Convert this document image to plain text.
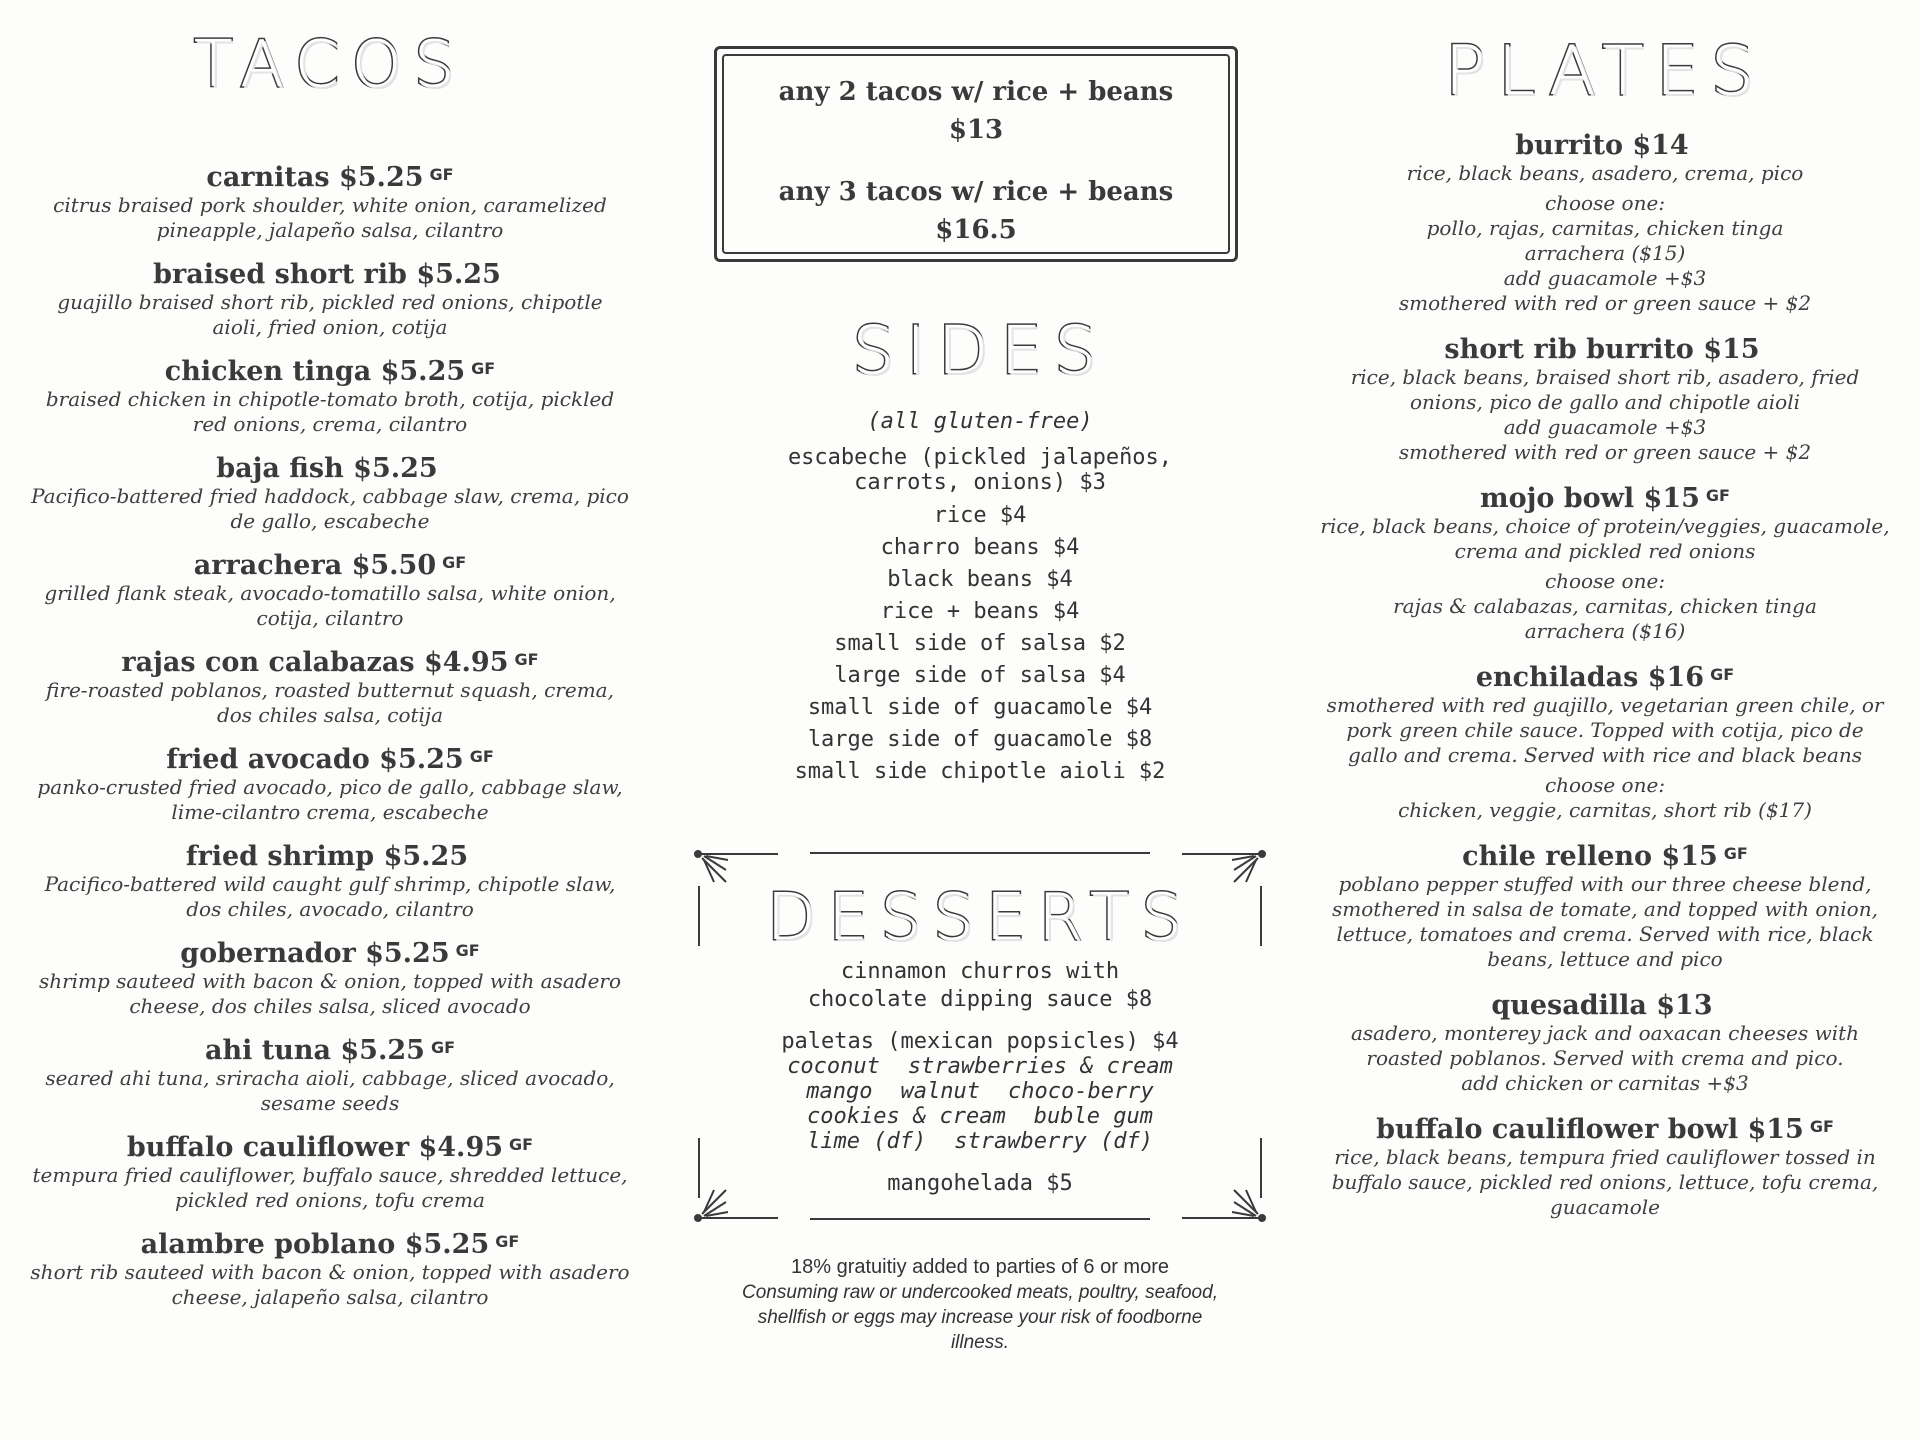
TACOS
carnitas $5.25 $^{GF}$
citrus braised pork shoulder, white onion, caramelized pineapple, jalapeño salsa, cilantro
braised short rib $5.25
guajillo braised short rib, pickled red onions, chipotle aioli, fried onion, cotija
chicken tinga $5.25 $^{GF}$
braised chicken in chipotle-tomato broth, cotija, pickled red onions, crema, cilantro
baja fish $5.25
Pacifico-battered fried haddock, cabbage slaw, crema, pico de gallo, escabeche
arrachera $5.50 $^{GF}$
grilled flank steak, avocado-tomatillo salsa, white onion, cotija, cilantro
rajas con calabazas $4.95 $^{GF}$
fire-roasted poblanos, roasted butternut squash, crema, dos chiles salsa, cotija
fried avocado $5.25 $^{GF}$
panko-crusted fried avocado, pico de gallo, cabbage slaw, lime-cilantro crema, escabeche
fried shrimp $5.25
Pacifico-battered wild caught gulf shrimp, chipotle slaw, dos chiles, avocado, cilantro
gobernador $5.25 $^{GF}$
shrimp sauteed with bacon & onion, topped with asadero cheese, dos chiles salsa, sliced avocado
ahi tuna $5.25 $^{GF}$
seared ahi tuna, sriracha aioli, cabbage, sliced avocado, sesame seeds
buffalo cauliflower $4.95 $^{GF}$
tempura fried cauliflower, buffalo sauce, shredded lettuce, pickled red onions, tofu crema
alambre poblano $5.25 $^{GF}$
short rib sauteed with bacon & onion, topped with asadero cheese, jalapeño salsa, cilantro
any 2 tacos w/ rice + beans
$13
any 3 tacos w/ rice + beans
$16.5
SIDES
(all gluten-free)
escabeche (pickled jalapeños,
carrots, onions) $3
rice $4
charro beans $4
black beans $4
rice + beans $4
small side of salsa $2
large side of salsa $4
small side of guacamole $4
large side of guacamole $8
small side chipotle aioli $2
DESSERTS
cinnamon churros with
chocolate dipping sauce $8
paletas (mexican popsicles) $4
coconut strawberries & cream
mango walnut choco-berry
cookies & cream buble gum
lime (df) strawberry (df)
mangohelada $5
18% gratuitiy added to parties of 6 or more
Consuming raw or undercooked meats, poultry, seafood, shellfish or eggs may increase your risk of foodborne illness.
PLATES
burrito $14
rice, black beans, asadero, crema, pico
choose one:
pollo, rajas, carnitas, chicken tinga
arrachera ($15)
add guacamole +$3
smothered with red or green sauce + $2
short rib burrito $15
rice, black beans, braised short rib, asadero, fried onions, pico de gallo and chipotle aioli
add guacamole +$3
smothered with red or green sauce + $2
mojo bowl $15 $^{GF}$
rice, black beans, choice of protein/veggies, guacamole, crema and pickled red onions
choose one:
rajas & calabazas, carnitas, chicken tinga
arrachera ($16)
enchiladas $16 $^{GF}$
smothered with red guajillo, vegetarian green chile, or pork green chile sauce. Topped with cotija, pico de gallo and crema. Served with rice and black beans
choose one:
chicken, veggie, carnitas, short rib ($17)
chile relleno $15 $^{GF}$
poblano pepper stuffed with our three cheese blend, smothered in salsa de tomate, and topped with onion, lettuce, tomatoes and crema. Served with rice, black beans, lettuce and pico
quesadilla $13
asadero, monterey jack and oaxacan cheeses with roasted poblanos. Served with crema and pico.
add chicken or carnitas +$3
buffalo cauliflower bowl $15 $^{GF}$
rice, black beans, tempura fried cauliflower tossed in buffalo sauce, pickled red onions, lettuce, tofu crema, guacamole
